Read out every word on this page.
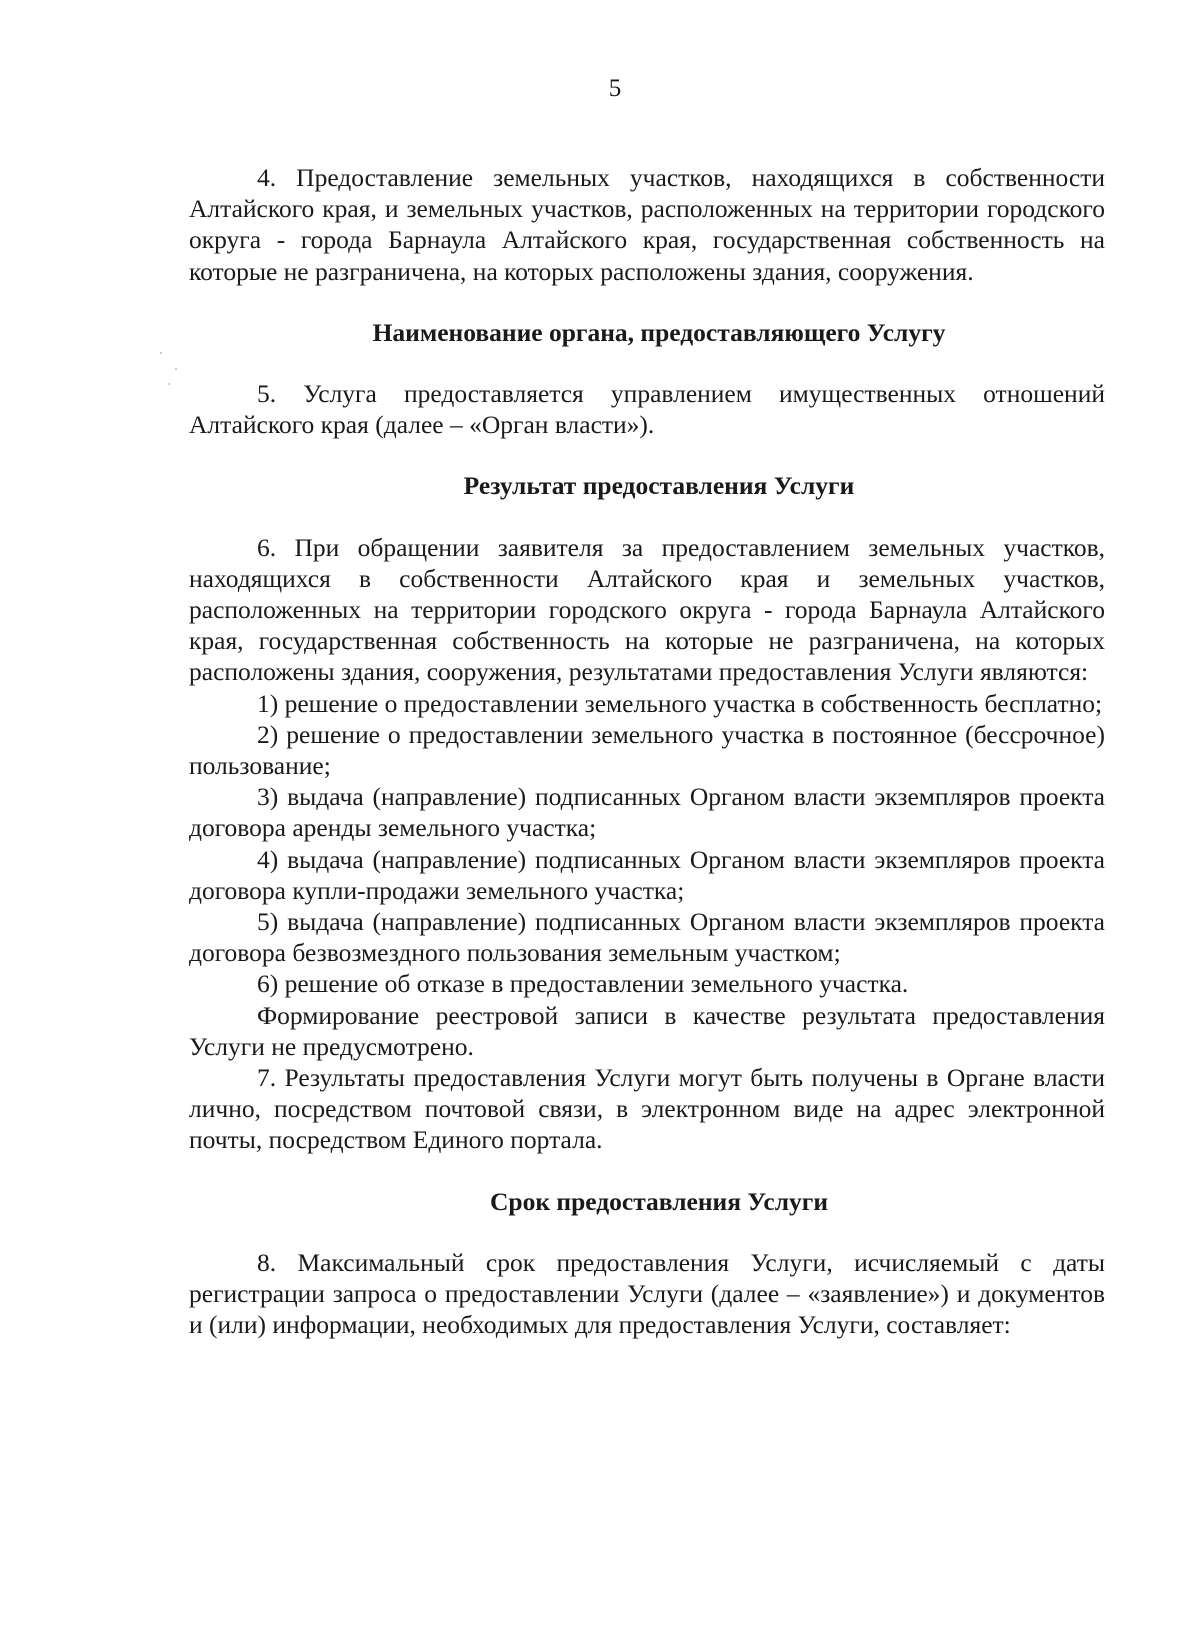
5

4. Предоставление земельных участков, находящихся в собственности Алтайского края, и земельных участков, расположенных на территории городского округа - города Барнаула Алтайского края, государственная собственность на которые не разграничена, на которых расположены здания, сооружения.

Наименование органа, предоставляющего Услугу

5. Услуга предоставляется управлением имущественных отношений Алтайского края (далее – «Орган власти»).

Результат предоставления Услуги

6. При обращении заявителя за предоставлением земельных участков, находящихся в собственности Алтайского края и земельных участков, расположенных на территории городского округа - города Барнаула Алтайского края, государственная собственность на которые не разграничена, на которых расположены здания, сооружения, результатами предоставления Услуги являются:

1) решение о предоставлении земельного участка в собственность бесплатно;

2) решение о предоставлении земельного участка в постоянное (бессрочное) пользование;

3) выдача (направление) подписанных Органом власти экземпляров проекта договора аренды земельного участка;

4) выдача (направление) подписанных Органом власти экземпляров проекта договора купли-продажи земельного участка;

5) выдача (направление) подписанных Органом власти экземпляров проекта договора безвозмездного пользования земельным участком;

6) решение об отказе в предоставлении земельного участка.

Формирование реестровой записи в качестве результата предоставления Услуги не предусмотрено.

7. Результаты предоставления Услуги могут быть получены в Органе власти лично, посредством почтовой связи, в электронном виде на адрес электронной почты, посредством Единого портала.

Срок предоставления Услуги

8. Максимальный срок предоставления Услуги, исчисляемый с даты регистрации запроса о предоставлении Услуги (далее – «заявление») и документов и (или) информации, необходимых для предоставления Услуги, составляет:
